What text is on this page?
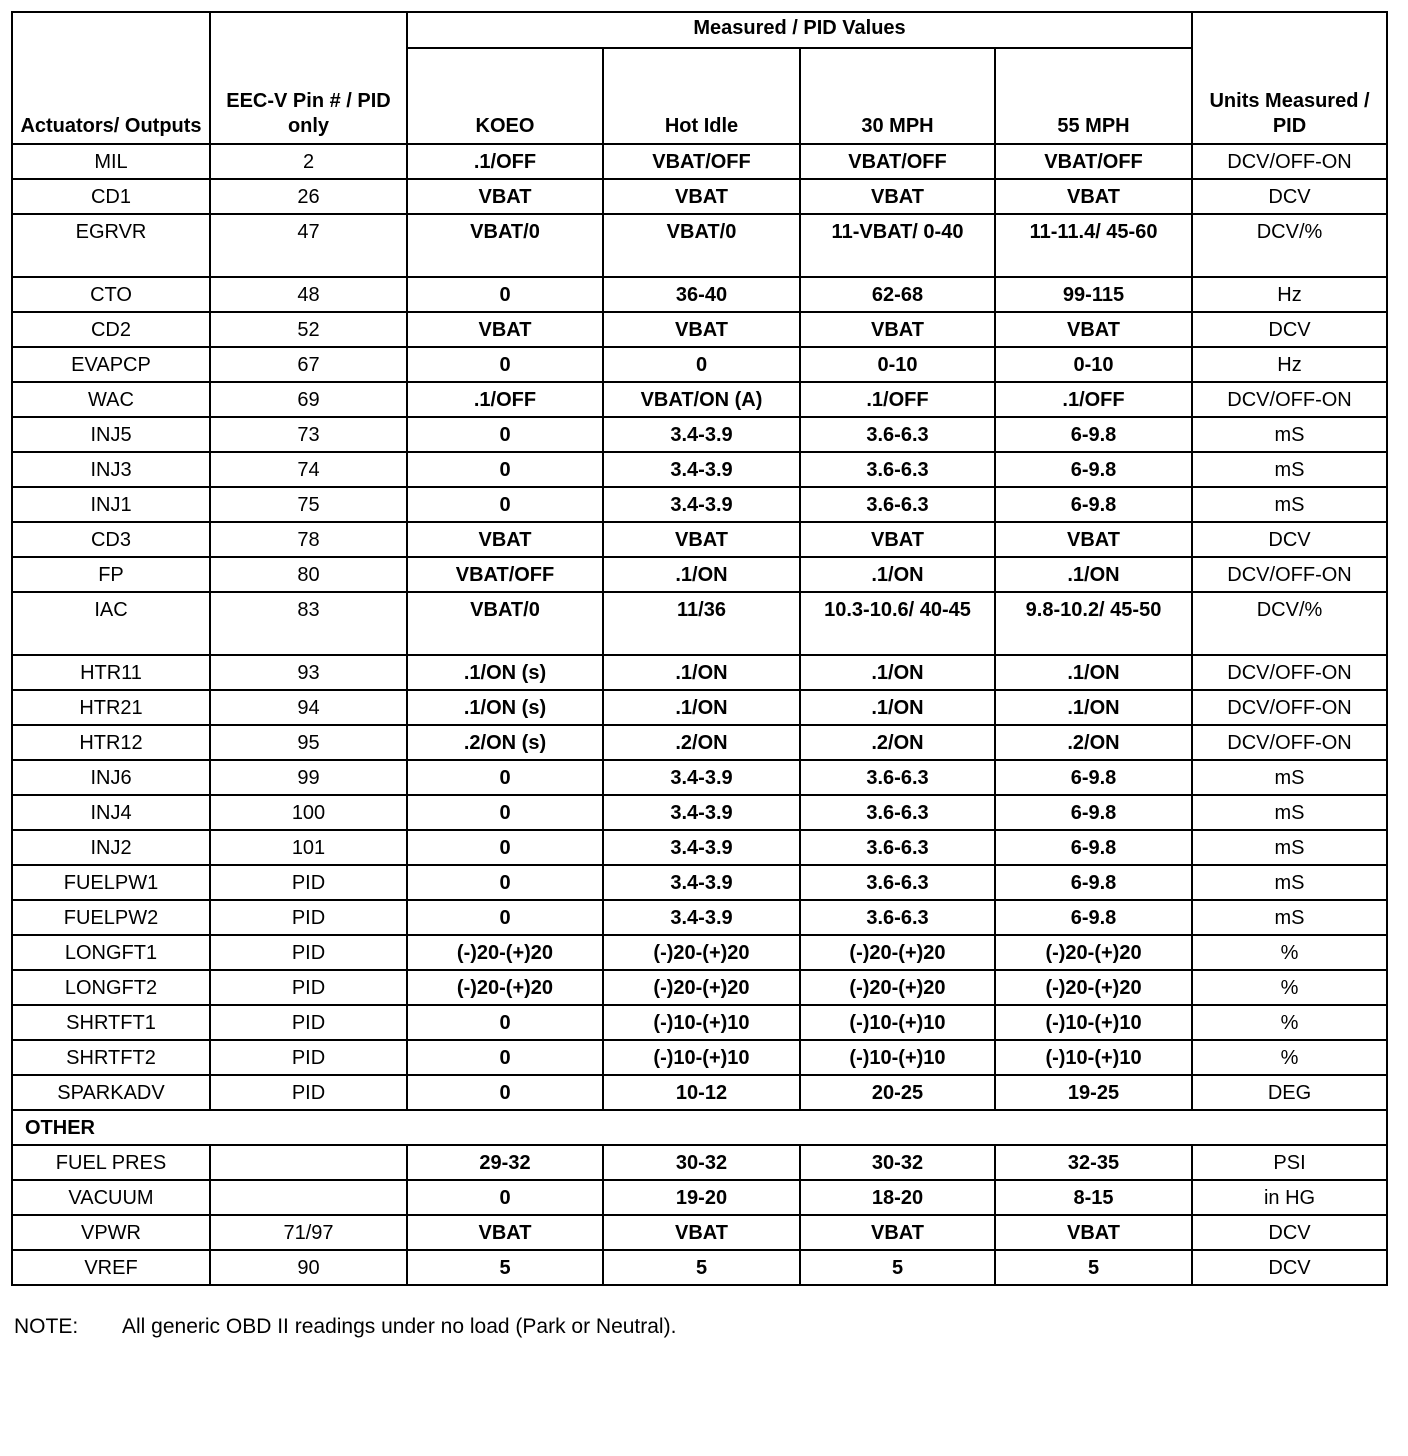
Actuators/ Outputs	EEC-V Pin # / PID only	Measured / PID Values				Units Measured / PID
		KOEO	Hot Idle	30 MPH	55 MPH	
MIL	2	.1/OFF	VBAT/OFF	VBAT/OFF	VBAT/OFF	DCV/OFF-ON
CD1	26	VBAT	VBAT	VBAT	VBAT	DCV
EGRVR	47	VBAT/0	VBAT/0	11-VBAT/ 0-40	11-11.4/ 45-60	DCV/%
CTO	48	0	36-40	62-68	99-115	Hz
CD2	52	VBAT	VBAT	VBAT	VBAT	DCV
EVAPCP	67	0	0	0-10	0-10	Hz
WAC	69	.1/OFF	VBAT/ON (A)	.1/OFF	.1/OFF	DCV/OFF-ON
INJ5	73	0	3.4-3.9	3.6-6.3	6-9.8	mS
INJ3	74	0	3.4-3.9	3.6-6.3	6-9.8	mS
INJ1	75	0	3.4-3.9	3.6-6.3	6-9.8	mS
CD3	78	VBAT	VBAT	VBAT	VBAT	DCV
FP	80	VBAT/OFF	.1/ON	.1/ON	.1/ON	DCV/OFF-ON
IAC	83	VBAT/0	11/36	10.3-10.6/ 40-45	9.8-10.2/ 45-50	DCV/%
HTR11	93	.1/ON (s)	.1/ON	.1/ON	.1/ON	DCV/OFF-ON
HTR21	94	.1/ON (s)	.1/ON	.1/ON	.1/ON	DCV/OFF-ON
HTR12	95	.2/ON (s)	.2/ON	.2/ON	.2/ON	DCV/OFF-ON
INJ6	99	0	3.4-3.9	3.6-6.3	6-9.8	mS
INJ4	100	0	3.4-3.9	3.6-6.3	6-9.8	mS
INJ2	101	0	3.4-3.9	3.6-6.3	6-9.8	mS
FUELPW1	PID	0	3.4-3.9	3.6-6.3	6-9.8	mS
FUELPW2	PID	0	3.4-3.9	3.6-6.3	6-9.8	mS
LONGFT1	PID	(-)20-(+)20	(-)20-(+)20	(-)20-(+)20	(-)20-(+)20	%
LONGFT2	PID	(-)20-(+)20	(-)20-(+)20	(-)20-(+)20	(-)20-(+)20	%
SHRTFT1	PID	0	(-)10-(+)10	(-)10-(+)10	(-)10-(+)10	%
SHRTFT2	PID	0	(-)10-(+)10	(-)10-(+)10	(-)10-(+)10	%
SPARKADV	PID	0	10-12	20-25	19-25	DEG
OTHER						
FUEL PRES		29-32	30-32	30-32	32-35	PSI
VACUUM		0	19-20	18-20	8-15	in HG
VPWR	71/97	VBAT	VBAT	VBAT	VBAT	DCV
VREF	90	5	5	5	5	DCV
NOTE: All generic OBD II readings under no load (Park or Neutral).
